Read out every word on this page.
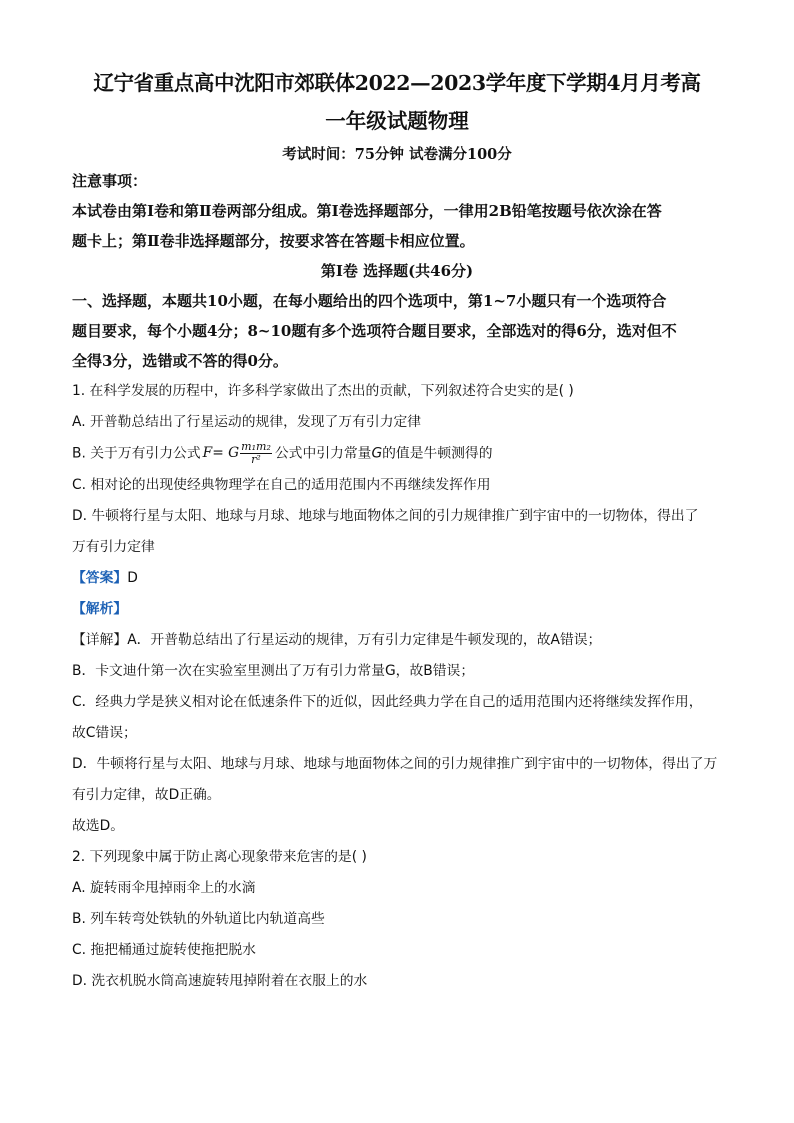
辽宁省重点高中沈阳市郊联体2022—2023学年度下学期4月月考高
一年级试题物理
考试时间：75分钟 试卷满分100分
注意事项：
本试卷由第Ⅰ卷和第Ⅱ卷两部分组成。第Ⅰ卷选择题部分，一律用2B铅笔按题号依次涂在答
题卡上；第Ⅱ卷非选择题部分，按要求答在答题卡相应位置。
第Ⅰ卷 选择题(共46分)
一、选择题，本题共10小题，在每小题给出的四个选项中，第1~7小题只有一个选项符合
题目要求，每个小题4分；8~10题有多个选项符合题目要求，全部选对的得6分，选对但不
全得3分，选错或不答的得0分。
1. 在科学发展的历程中，许多科学家做出了杰出的贡献，下列叙述符合史实的是( )
A. 开普勒总结出了行星运动的规律，发现了万有引力定律
B. 关于万有引力公式 F = G $\frac{\text{m₁m₂}}{\text{r²}}$ 公式中引力常量G的值是牛顿测得的
C. 相对论的出现使经典物理学在自己的适用范围内不再继续发挥作用
D. 牛顿将行星与太阳、地球与月球、地球与地面物体之间的引力规律推广到宇宙中的一切物体，得出了
万有引力定律
【答案】D
【解析】
【详解】A．开普勒总结出了行星运动的规律，万有引力定律是牛顿发现的，故A错误；
B．卡文迪什第一次在实验室里测出了万有引力常量G，故B错误；
C．经典力学是狭义相对论在低速条件下的近似，因此经典力学在自己的适用范围内还将继续发挥作用，
故C错误；
D．牛顿将行星与太阳、地球与月球、地球与地面物体之间的引力规律推广到宇宙中的一切物体，得出了万
有引力定律，故D正确。
故选D。
2. 下列现象中属于防止离心现象带来危害的是( )
A. 旋转雨伞甩掉雨伞上的水滴
B. 列车转弯处铁轨的外轨道比内轨道高些
C. 拖把桶通过旋转使拖把脱水
D. 洗衣机脱水筒高速旋转甩掉附着在衣服上的水
